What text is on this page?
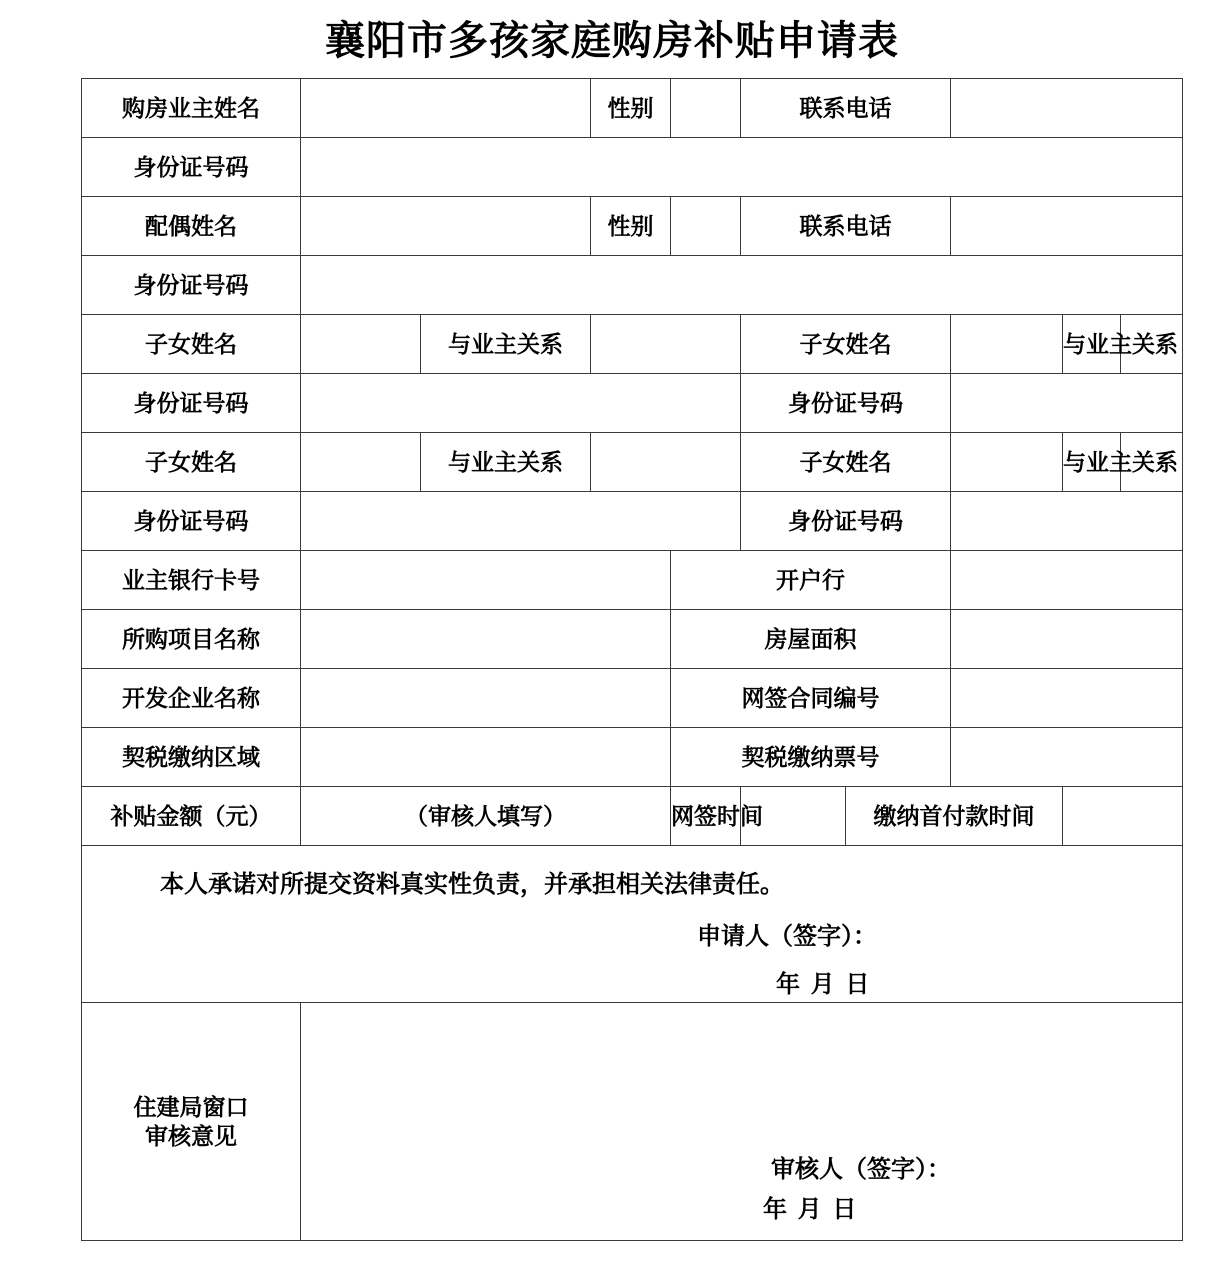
襄阳市多孩家庭购房补贴申请表
购房业主姓名			性别		联系电话				
身份证号码									
配偶姓名			性别		联系电话				
身份证号码									
子女姓名		与业主关系			子女姓名			与业主关系	
身份证号码					身份证号码				
子女姓名		与业主关系			子女姓名			与业主关系	
身份证号码					身份证号码				
业主银行卡号				开户行					
所购项目名称				房屋面积					
开发企业名称				网签合同编号					
契税缴纳区域				契税缴纳票号					
补贴金额（元）	（审核人填写）			网签时间		缴纳首付款时间			

本人承诺对所提交资料真实性负责，并承担相关法律责任。
申请人（签字）：
年 月 日									

住建局窗口
审核意见

审核人（签字）：
年 月 日
